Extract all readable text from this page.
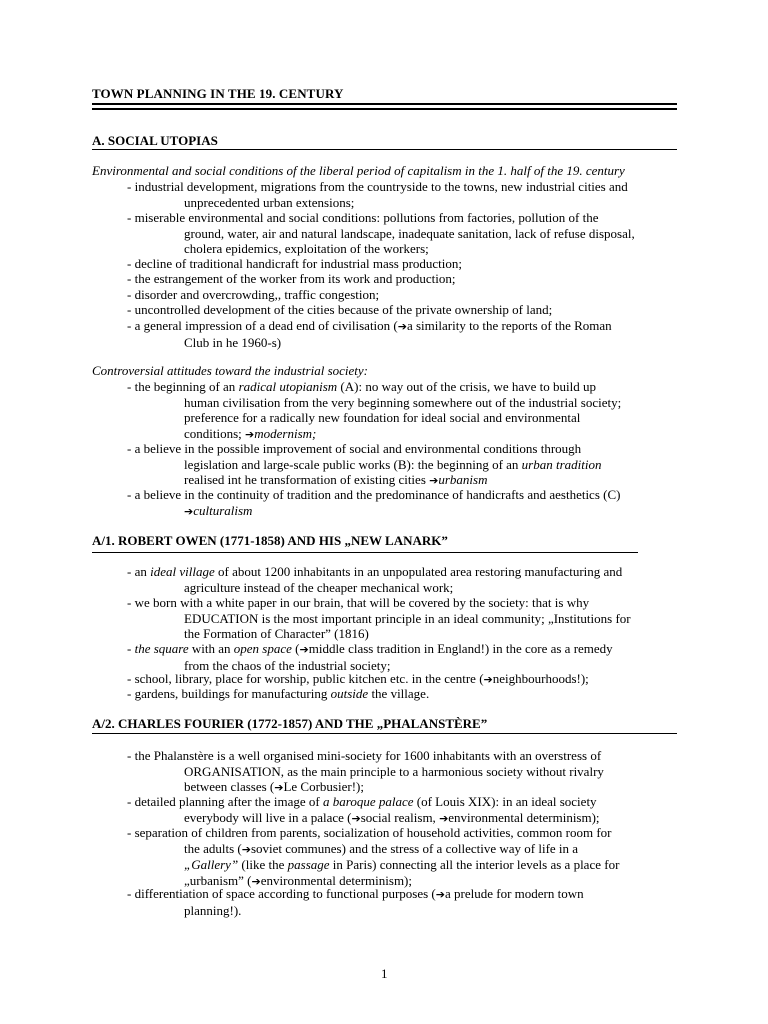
TOWN PLANNING IN THE 19. CENTURY
A. SOCIAL UTOPIAS
Environmental and social conditions of the liberal period of capitalism in the 1. half of the 19. century
- industrial development, migrations from the countryside to the towns, new industrial cities and
unprecedented urban extensions;
- miserable environmental and social conditions: pollutions from factories, pollution of the
ground, water, air and natural landscape, inadequate sanitation, lack of refuse disposal,
cholera epidemics, exploitation of the workers;
- decline of traditional handicraft for industrial mass production;
- the estrangement of the worker from its work and production;
- disorder and overcrowding,, traffic congestion;
- uncontrolled development of the cities because of the private ownership of land;
- a general impression of a dead end of civilisation (➔a similarity to the reports of the Roman
Club in he 1960-s)
Controversial attitudes toward the industrial society:
- the beginning of an radical utopianism (A): no way out of the crisis, we have to build up
human civilisation from the very beginning somewhere out of the industrial society;
preference for a radically new foundation for ideal social and environmental
conditions; ➔modernism;
- a believe in the possible improvement of social and environmental conditions through
legislation and large-scale public works (B): the beginning of an urban tradition
realised int he transformation of existing cities ➔urbanism
- a believe in the continuity of tradition and the predominance of handicrafts and aesthetics (C)
➔culturalism
A/1. ROBERT OWEN (1771-1858) AND HIS „NEW LANARK”
- an ideal village of about 1200 inhabitants in an unpopulated area restoring manufacturing and
agriculture instead of the cheaper mechanical work;
- we born with a white paper in our brain, that will be covered by the society: that is why
EDUCATION is the most important principle in an ideal community; „Institutions for
the Formation of Character” (1816)
- the square with an open space (➔middle class tradition in England!) in the core as a remedy
from the chaos of the industrial society;
- school, library, place for worship, public kitchen etc. in the centre (➔neighbourhoods!);
- gardens, buildings for manufacturing outside the village.
A/2. CHARLES FOURIER (1772-1857) AND THE „PHALANSTÈRE”
- the Phalanstère is a well organised mini-society for 1600 inhabitants with an overstress of
ORGANISATION, as the main principle to a harmonious society without rivalry
between classes (➔Le Corbusier!);
- detailed planning after the image of a baroque palace (of Louis XIX): in an ideal society
everybody will live in a palace (➔social realism, ➔environmental determinism);
- separation of children from parents, socialization of household activities, common room for
the adults (➔soviet communes) and the stress of a collective way of life in a
„Gallery” (like the passage in Paris) connecting all the interior levels as a place for
„urbanism” (➔environmental determinism);
- differentiation of space according to functional purposes (➔a prelude for modern town
planning!).
1
